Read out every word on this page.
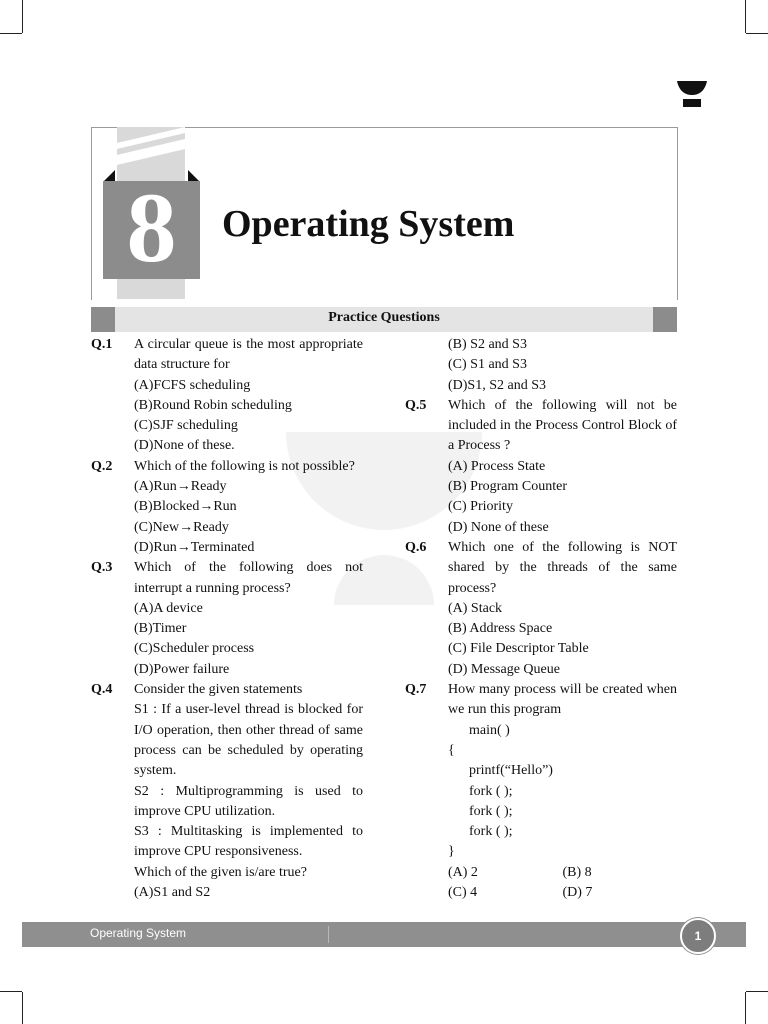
8	Operating System
Practice Questions
Q.1 A circular queue is the most appropriate data structure for
(A)FCFS scheduling
(B)Round Robin scheduling
(C)SJF scheduling
(D)None of these.
Q.2 Which of the following is not possible?
(A)Run→Ready
(B)Blocked→Run
(C)New→Ready
(D)Run→Terminated
Q.3 Which of the following does not interrupt a running process?
(A)A device
(B)Timer
(C)Scheduler process
(D)Power failure
Q.4 Consider the given statements
S1 : If a user-level thread is blocked for I/O operation, then other thread of same process can be scheduled by operating system.
S2 : Multiprogramming is used to improve CPU utilization.
S3 : Multitasking is implemented to improve CPU responsiveness.
Which of the given is/are true?
(A)S1 and S2
(B) S2 and S3
(C) S1 and S3
(D)S1, S2 and S3
Q.5 Which of the following will not be included in the Process Control Block of a Process ?
(A) Process State
(B) Program Counter
(C) Priority
(D) None of these
Q.6 Which one of the following is NOT shared by the threads of the same process?
(A) Stack
(B) Address Space
(C) File Descriptor Table
(D) Message Queue
Q.7 How many process will be created when we run this program
main( )
{
printf(“Hello”)
fork ( );
fork ( );
fork ( );
}
(A) 2	(B) 8
(C) 4	(D) 7
Operating System	1
